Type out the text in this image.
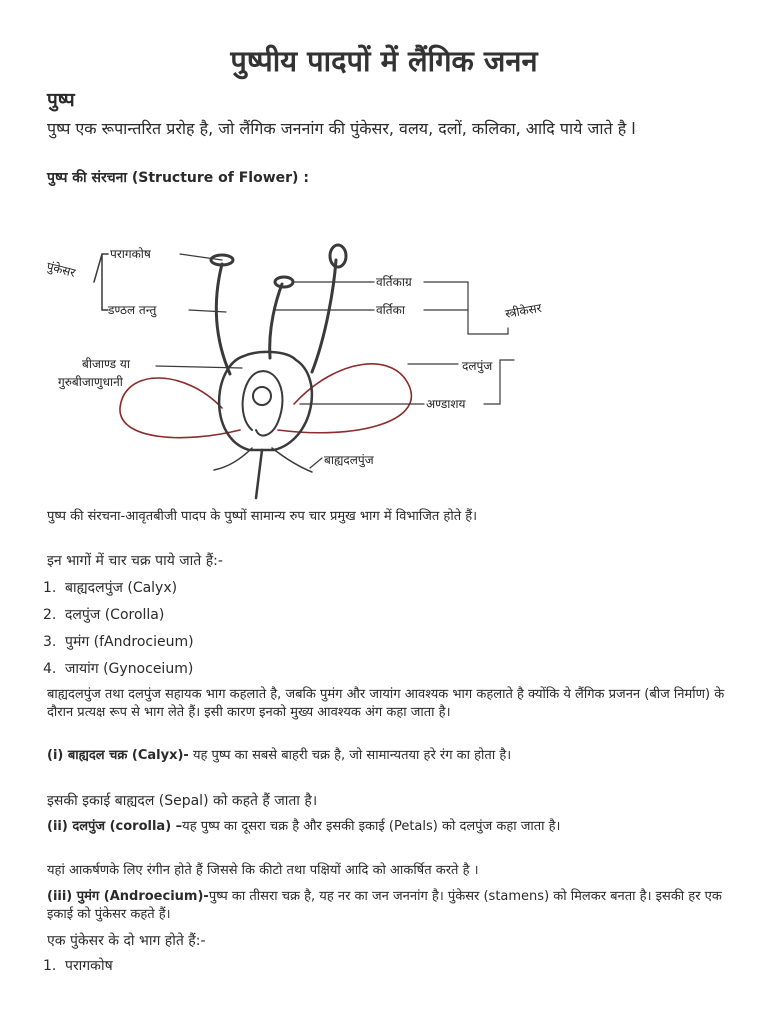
पुष्पीय पादपों में लैंगिक जनन
पुष्प
पुष्प एक रूपान्तरित प्ररोह है, जो लैंगिक जननांग की पुंकेसर, वलय, दलों, कलिका, आदि पाये जाते है l
पुष्प की संरचना (Structure of Flower) :
पुंकेसर
परागकोष
डण्ठल तन्तु
बीजाण्ड या
गुरुबीजाणुधानी
वर्तिकाग्र
वर्तिका	स्त्रीकेसर
दलपुंज
अण्डाशय
बाह्यदलपुंज
पुष्प की संरचना-आवृतबीजी पादप के पुष्पों सामान्य रुप चार प्रमुख भाग में विभाजित होते हैं।
इन भागों में चार चक्र पाये जाते हैं:-
1. बाह्यदलपुंज (Calyx)
2. दलपुंज (Corolla)
3. पुमंग (fAndrocieum)
4. जायांग (Gynoceium)
बाह्यदलपुंज तथा दलपुंज सहायक भाग कहलाते है, जबकि पुमंग और जायांग आवश्यक भाग कहलाते है क्योंकि ये लैंगिक प्रजनन (बीज निर्माण) के दौरान प्रत्यक्ष रूप से भाग लेते हैं। इसी कारण इनको मुख्य आवश्यक अंग कहा जाता है।
(i) बाह्यदल चक्र (Calyx)- यह पुष्प का सबसे बाहरी चक्र है, जो सामान्यतया हरे रंग का होता है।
इसकी इकाई बाह्यदल (Sepal) को कहते हैं जाता है।
(ii) दलपुंज (corolla) –यह पुष्प का दूसरा चक्र है और इसकी इकाई (Petals) को दलपुंज कहा जाता है।
यहां आकर्षणके लिए रंगीन होते हैं जिससे कि कीटो तथा पक्षियों आदि को आकर्षित करते है ।
(iii) पुमंग (Androecium)-पुष्प का तीसरा चक्र है, यह नर का जन जननांग है। पुंकेसर (stamens) को मिलकर बनता है। इसकी हर एक इकाई को पुंकेसर कहते हैं।
एक पुंकेसर के दो भाग होते हैं:-
1. परागकोष
